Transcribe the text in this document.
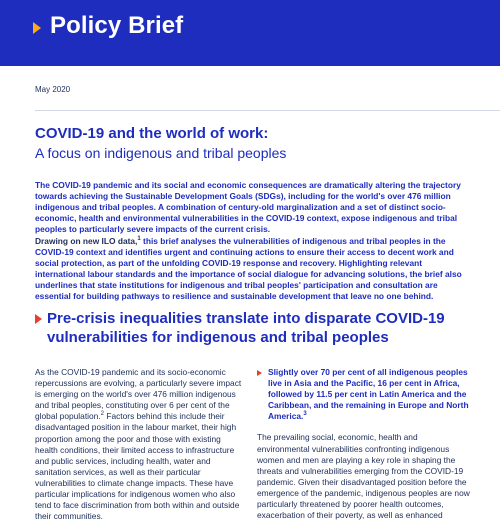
Policy Brief
May 2020
COVID-19 and the world of work:
A focus on indigenous and tribal peoples

The COVID-19 pandemic and its social and economic consequences are dramatically altering the trajectory towards achieving the Sustainable Development Goals (SDGs), including for the world's over 476 million indigenous and tribal peoples. A combination of century-old marginalization and a set of distinct socio-economic, health and environmental vulnerabilities in the COVID-19 context, expose indigenous and tribal peoples to particularly severe impacts of the current crisis.

Drawing on new ILO data,$^1$ this brief analyses the vulnerabilities of indigenous and tribal peoples in the COVID-19 context and identifies urgent and continuing actions to ensure their access to decent work and social protection, as part of the unfolding COVID-19 response and recovery. Highlighting relevant international labour standards and the importance of social dialogue for advancing solutions, the brief also underlines that state institutions for indigenous and tribal peoples' participation and consultation are essential for building pathways to resilience and sustainable development that leave no one behind.

Pre-crisis inequalities translate into disparate COVID-19 vulnerabilities for indigenous and tribal peoples

As the COVID-19 pandemic and its socio-economic repercussions are evolving, a particularly severe impact is emerging on the world's over 476 million indigenous and tribal peoples, constituting over 6 per cent of the global population.$^2$ Factors behind this include their disadvantaged position in the labour market, their high proportion among the poor and those with existing health conditions, their limited access to infrastructure and public services, including health, water and sanitation services, as well as their particular vulnerabilities to climate change impacts. These have particular implications for indigenous women who also tend to face discrimination from both within and outside their communities.

Slightly over 70 per cent of all indigenous peoples live in Asia and the Pacific, 16 per cent in Africa, followed by 11.5 per cent in Latin America and the Caribbean, and the remaining in Europe and North America.$^3$

The prevailing social, economic, health and environmental vulnerabilities confronting indigenous women and men are playing a key role in shaping the threats and vulnerabilities emerging from the COVID-19 pandemic. Given their disadvantaged position before the emergence of the pandemic, indigenous peoples are now particularly threatened by poorer health outcomes, exacerbation of their poverty, as well as enhanced
